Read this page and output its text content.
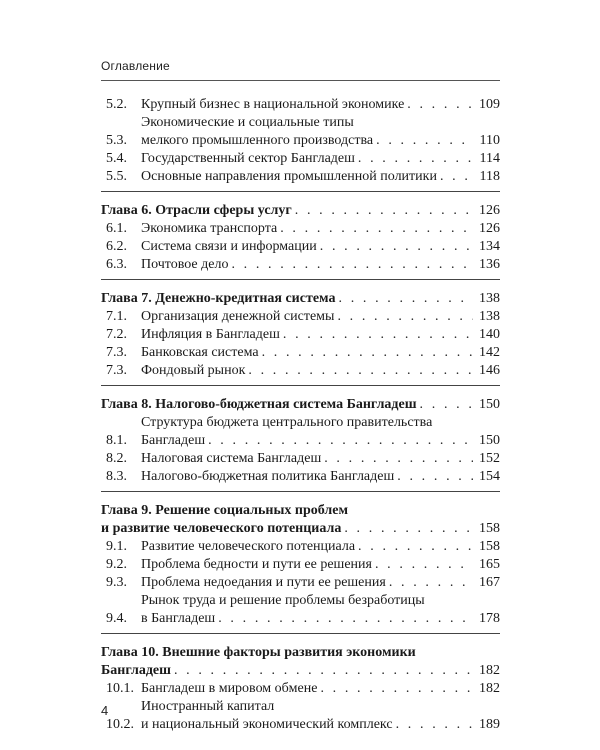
Оглавление
5.2.	Крупный бизнес в национальной экономике . . .	109
5.3.
Экономические и социальные типы
мелкого промышленного производства . . .	110
5.4.	Государственный сектор Бангладеш . . .	114
5.5.	Основные направления промышленной политики . . .	118
Глава 6. Отрасли сферы услуг . . .	126
6.1.	Экономика транспорта . . .	126
6.2.	Система связи и информации . . .	134
6.3.	Почтовое дело . . .	136
Глава 7. Денежно-кредитная система . . .	138
7.1.	Организация денежной системы . . .	138
7.2.	Инфляция в Бангладеш . . .	140
7.3.	Банковская система . . .	142
7.3.	Фондовый рынок . . .	146
Глава 8. Налогово-бюджетная система Бангладеш . . .	150
8.1.
Структура бюджета центрального правительства
Бангладеш . . .	150
8.2.	Налоговая система Бангладеш . . .	152
8.3.	Налогово-бюджетная политика Бангладеш . . .	154
Глава 9. Решение социальных проблем
и развитие человеческого потенциала . . .	158
9.1.	Развитие человеческого потенциала . . .	158
9.2.	Проблема бедности и пути ее решения . . .	165
9.3.	Проблема недоедания и пути ее решения . . .	167
9.4.
Рынок труда и решение проблемы безработицы
в Бангладеш . . .	178
Глава 10. Внешние факторы развития экономики
Бангладеш . . .	182
10.1. Бангладеш в мировом обмене . . .	182
10.2.
Иностранный капитал
и национальный экономический комплекс . . .	189
4
